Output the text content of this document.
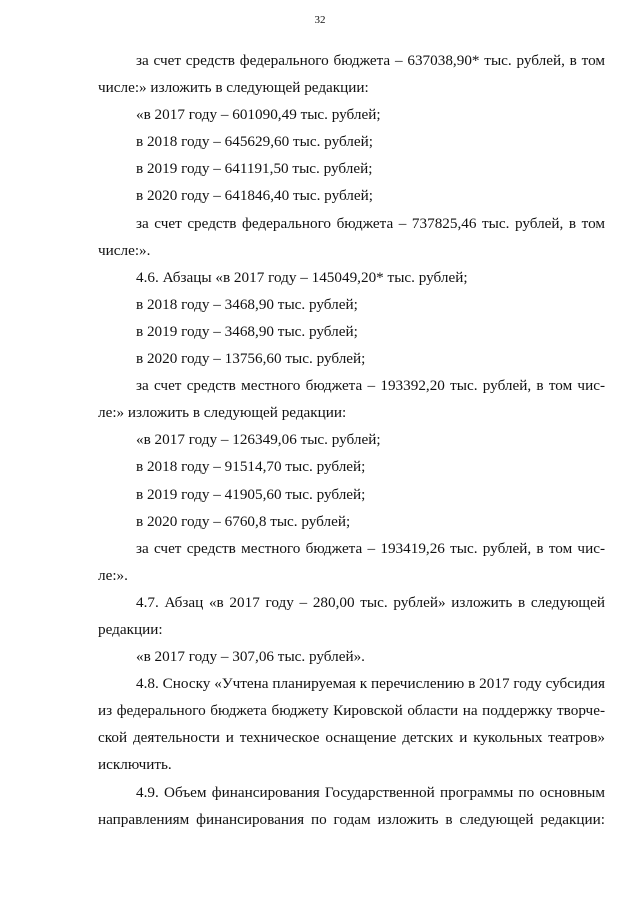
32
за счет средств федерального бюджета – 637038,90* тыс. рублей, в том
числе:» изложить в следующей редакции:
«в 2017 году – 601090,49 тыс. рублей;
в 2018 году – 645629,60 тыс. рублей;
в 2019 году – 641191,50 тыс. рублей;
в 2020 году – 641846,40 тыс. рублей;
за счет средств федерального бюджета – 737825,46 тыс. рублей, в том
числе:».
4.6. Абзацы «в 2017 году – 145049,20* тыс. рублей;
в 2018 году – 3468,90 тыс. рублей;
в 2019 году – 3468,90 тыс. рублей;
в 2020 году – 13756,60 тыс. рублей;
за счет средств местного бюджета – 193392,20 тыс. рублей, в том чис-
ле:» изложить в следующей редакции:
«в 2017 году – 126349,06 тыс. рублей;
в 2018 году – 91514,70 тыс. рублей;
в 2019 году – 41905,60 тыс. рублей;
в 2020 году – 6760,8 тыс. рублей;
за счет средств местного бюджета – 193419,26 тыс. рублей, в том чис-
ле:».
4.7. Абзац «в 2017 году – 280,00 тыс. рублей» изложить в следующей
редакции:
«в 2017 году – 307,06 тыс. рублей».
4.8. Сноску «Учтена планируемая к перечислению в 2017 году субсидия
из федерального бюджета бюджету Кировской области на поддержку творче-
ской деятельности и техническое оснащение детских и кукольных театров»
исключить.
4.9. Объем финансирования Государственной программы по основным
направлениям финансирования по годам изложить в следующей редакции:
